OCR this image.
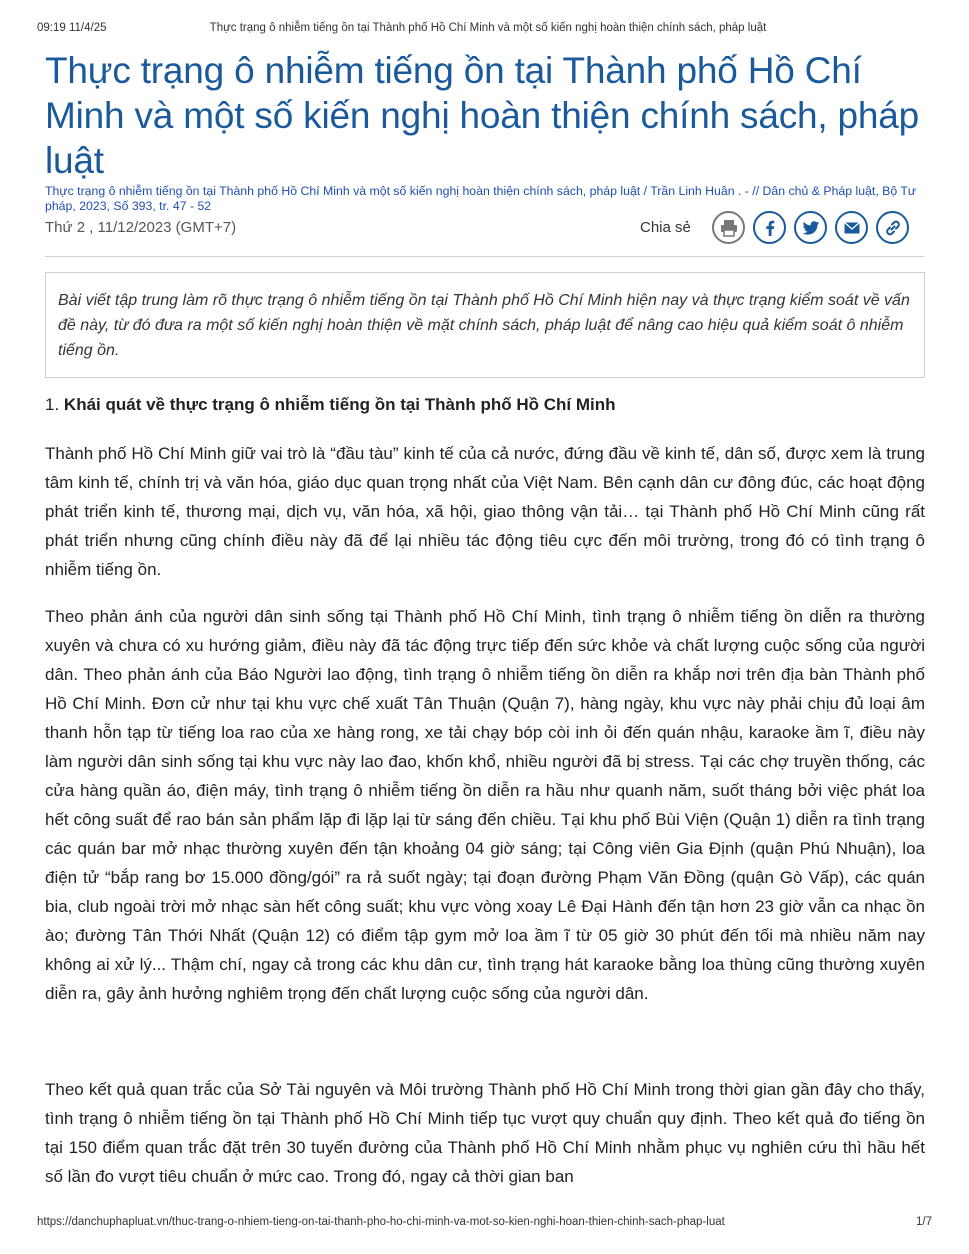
09:19 11/4/25	Thực trạng ô nhiễm tiếng ồn tại Thành phố Hồ Chí Minh và một số kiến nghị hoàn thiện chính sách, pháp luật
Thực trạng ô nhiễm tiếng ồn tại Thành phố Hồ Chí Minh và một số kiến nghị hoàn thiện chính sách, pháp luật
Thực trạng ô nhiễm tiếng ồn tại Thành phố Hồ Chí Minh và một số kiến nghị hoàn thiện chính sách, pháp luật / Trần Linh Huân . - // Dân chủ & Pháp luật, Bộ Tư pháp, 2023, Số 393, tr. 47 - 52
Thứ 2 , 11/12/2023 (GMT+7)	Chia sẻ
Bài viết tập trung làm rõ thực trạng ô nhiễm tiếng ồn tại Thành phố Hồ Chí Minh hiện nay và thực trạng kiểm soát về vấn đề này, từ đó đưa ra một số kiến nghị hoàn thiện về mặt chính sách, pháp luật để nâng cao hiệu quả kiểm soát ô nhiễm tiếng ồn.
1. Khái quát về thực trạng ô nhiễm tiếng ồn tại Thành phố Hồ Chí Minh

Thành phố Hồ Chí Minh giữ vai trò là “đầu tàu” kinh tế của cả nước, đứng đầu về kinh tế, dân số, được xem là trung tâm kinh tế, chính trị và văn hóa, giáo dục quan trọng nhất của Việt Nam. Bên cạnh dân cư đông đúc, các hoạt động phát triển kinh tế, thương mại, dịch vụ, văn hóa, xã hội, giao thông vận tải… tại Thành phố Hồ Chí Minh cũng rất phát triển nhưng cũng chính điều này đã để lại nhiều tác động tiêu cực đến môi trường, trong đó có tình trạng ô nhiễm tiếng ồn.

Theo phản ánh của người dân sinh sống tại Thành phố Hồ Chí Minh, tình trạng ô nhiễm tiếng ồn diễn ra thường xuyên và chưa có xu hướng giảm, điều này đã tác động trực tiếp đến sức khỏe và chất lượng cuộc sống của người dân. Theo phản ánh của Báo Người lao động, tình trạng ô nhiễm tiếng ồn diễn ra khắp nơi trên địa bàn Thành phố Hồ Chí Minh. Đơn cử như tại khu vực chế xuất Tân Thuận (Quận 7), hàng ngày, khu vực này phải chịu đủ loại âm thanh hỗn tạp từ tiếng loa rao của xe hàng rong, xe tải chạy bóp còi inh ỏi đến quán nhậu, karaoke ầm ĩ, điều này làm người dân sinh sống tại khu vực này lao đao, khốn khổ, nhiều người đã bị stress. Tại các chợ truyền thống, các cửa hàng quần áo, điện máy, tình trạng ô nhiễm tiếng ồn diễn ra hầu như quanh năm, suốt tháng bởi việc phát loa hết công suất để rao bán sản phẩm lặp đi lặp lại từ sáng đến chiều. Tại khu phố Bùi Viện (Quận 1) diễn ra tình trạng các quán bar mở nhạc thường xuyên đến tận khoảng 04 giờ sáng; tại Công viên Gia Định (quận Phú Nhuận), loa điện tử “bắp rang bơ 15.000 đồng/gói” ra rả suốt ngày; tại đoạn đường Phạm Văn Đồng (quận Gò Vấp), các quán bia, club ngoài trời mở nhạc sàn hết công suất; khu vực vòng xoay Lê Đại Hành đến tận hơn 23 giờ vẫn ca nhạc ồn ào; đường Tân Thới Nhất (Quận 12) có điểm tập gym mở loa ầm ĩ từ 05 giờ 30 phút đến tối mà nhiều năm nay không ai xử lý... Thậm chí, ngay cả trong các khu dân cư, tình trạng hát karaoke bằng loa thùng cũng thường xuyên diễn ra, gây ảnh hưởng nghiêm trọng đến chất lượng cuộc sống của người dân.

Theo kết quả quan trắc của Sở Tài nguyên và Môi trường Thành phố Hồ Chí Minh trong thời gian gần đây cho thấy, tình trạng ô nhiễm tiếng ồn tại Thành phố Hồ Chí Minh tiếp tục vượt quy chuẩn quy định. Theo kết quả đo tiếng ồn tại 150 điểm quan trắc đặt trên 30 tuyến đường của Thành phố Hồ Chí Minh nhằm phục vụ nghiên cứu thì hầu hết số lần đo vượt tiêu chuẩn ở mức cao. Trong đó, ngay cả thời gian ban

https://danchuphapluat.vn/thuc-trang-o-nhiem-tieng-on-tai-thanh-pho-ho-chi-minh-va-mot-so-kien-nghi-hoan-thien-chinh-sach-phap-luat	1/7
